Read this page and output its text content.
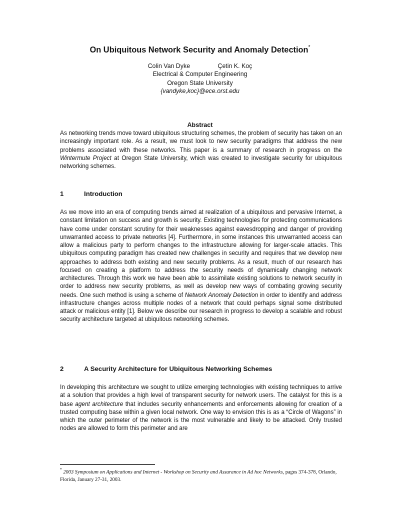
On Ubiquitous Network Security and Anomaly Detection*
Colin Van Dyke	Çetin K. Koç
Electrical & Computer Engineering
Oregon State University
{vandyke,koc}@ece.orst.edu
Abstract
As networking trends move toward ubiquitous structuring schemes, the problem of security has taken on an increasingly important role. As a result, we must look to new security paradigms that address the new problems associated with these networks. This paper is a summary of research in progress on the Wintermute Project at Oregon State University, which was created to investigate security for ubiquitous networking schemes.
1	Introduction
As we move into an era of computing trends aimed at realization of a ubiquitous and pervasive Internet, a constant limitation on success and growth is security. Existing technologies for protecting communications have come under constant scrutiny for their weaknesses against eavesdropping and danger of providing unwarranted access to private networks [4]. Furthermore, in some instances this unwarranted access can allow a malicious party to perform changes to the infrastructure allowing for larger-scale attacks. This ubiquitous computing paradigm has created new challenges in security and requires that we develop new approaches to address both existing and new security problems. As a result, much of our research has focused on creating a platform to address the security needs of dynamically changing network architectures. Through this work we have been able to assimilate existing solutions to network security in order to address new security problems, as well as develop new ways of combating growing security needs. One such method is using a scheme of Network Anomaly Detection in order to identify and address infrastructure changes across multiple nodes of a network that could perhaps signal some distributed attack or malicious entity [1]. Below we describe our research in progress to develop a scalable and robust security architecture targeted at ubiquitous networking schemes.
2	A Security Architecture for Ubiquitous Networking Schemes
In developing this architecture we sought to utilize emerging technologies with existing techniques to arrive at a solution that provides a high level of transparent security for network users. The catalyst for this is a base agent architecture that includes security enhancements and enforcements allowing for creation of a trusted computing base within a given local network. One way to envision this is as a “Circle of Wagons” in which the outer perimeter of the network is the most vulnerable and likely to be attacked. Only trusted nodes are allowed to form this perimeter and are
* 2003 Symposium on Applications and Internet - Workshop on Security and Assurance in Ad hoc Networks, pages 374-378, Orlando, Florida, January 27-31, 2003.
